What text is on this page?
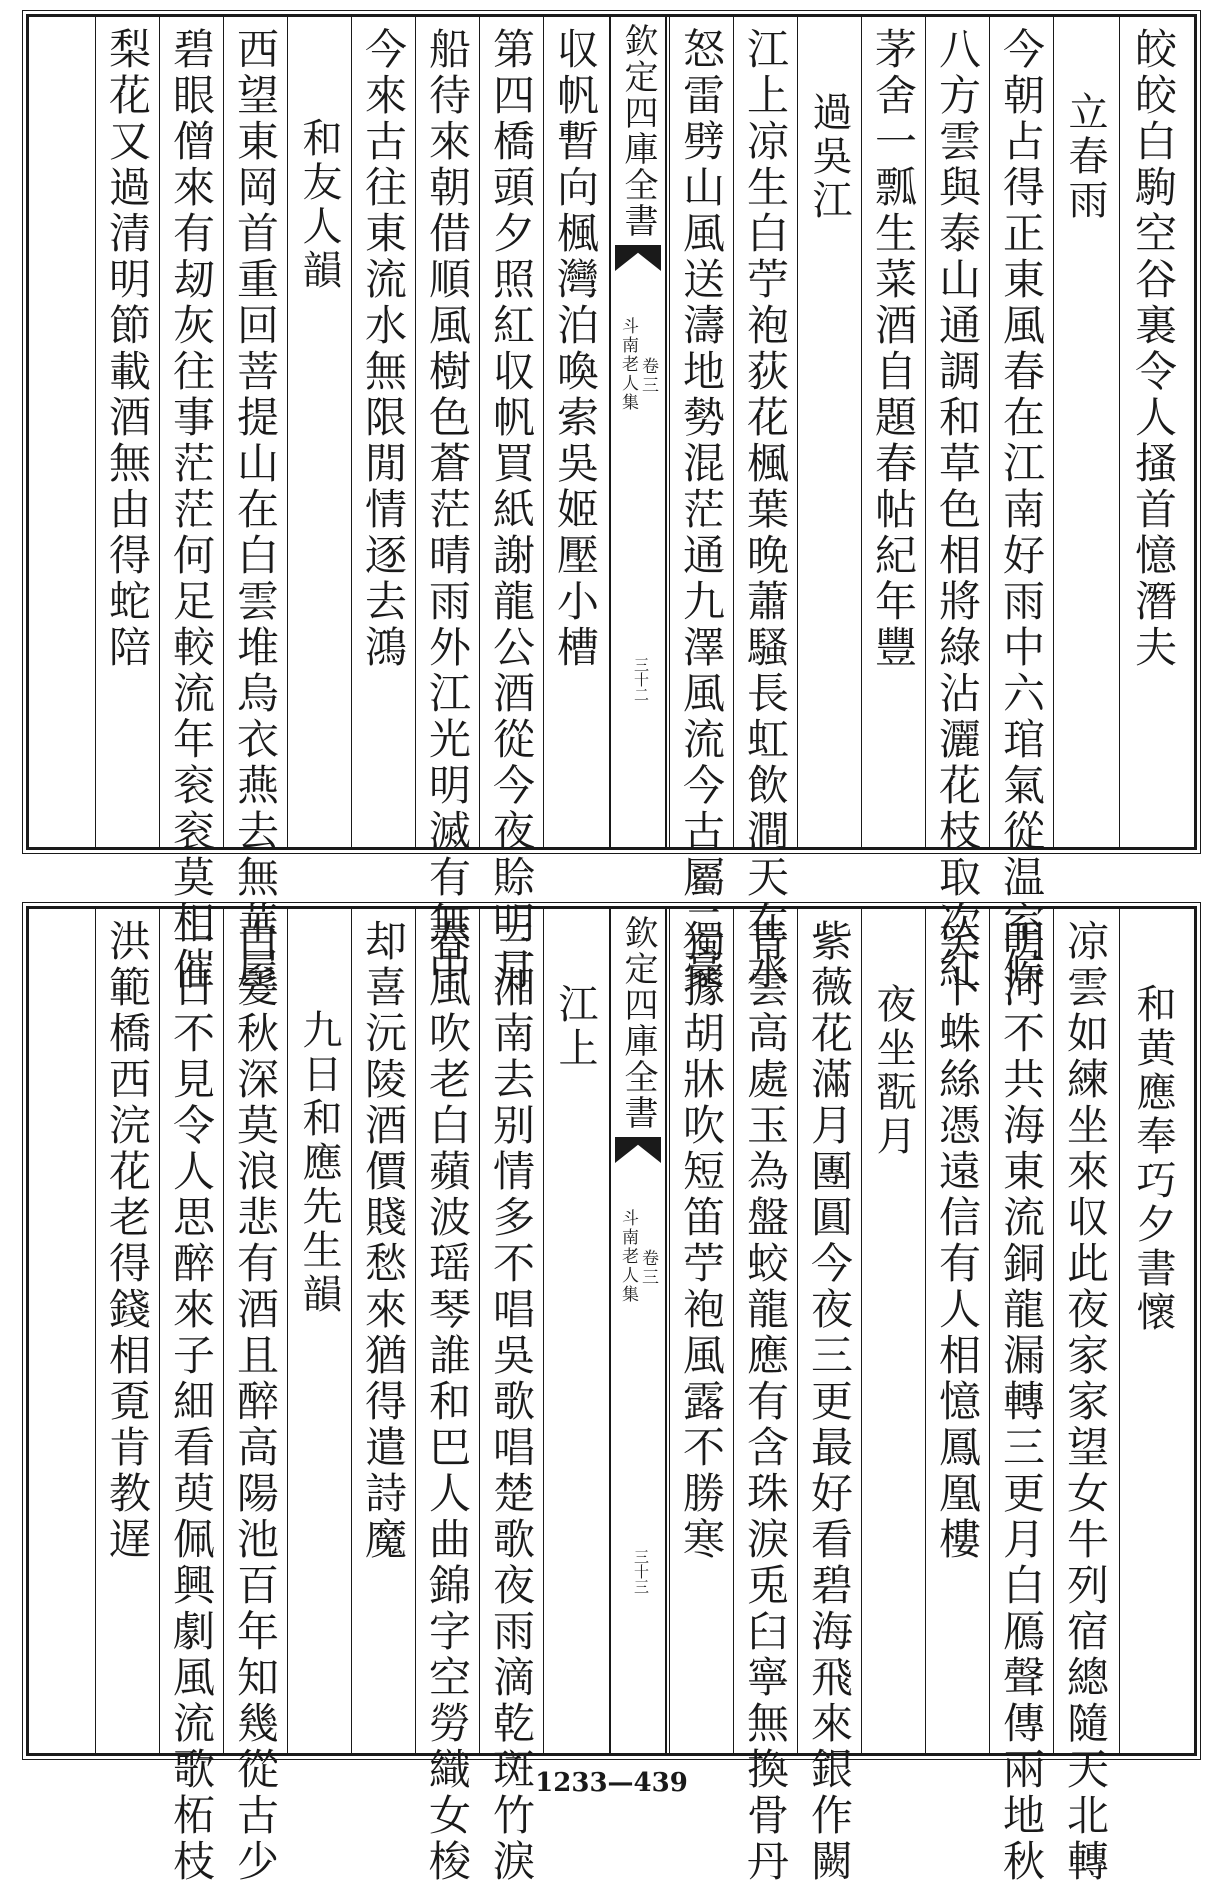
皎皎白駒空谷裏令人搔首憶潛夫
立春雨
今朝占得正東風春在江南好雨中六琯氣從温室候
八方雲與泰山通調和草色相將綠沾灑花枝取次紅
茅舍一瓢生菜酒自題春帖紀年豐
過吳江
江上凉生白苧袍荻花楓葉晚蕭騷長虹飲澗天在水
怒雷劈山風送濤地勢混茫通九澤風流今古屬二豪
欽定四庫全書
斗南老人集 卷三
三十二
収帆暫向楓灣泊喚索吳姬壓小槽
第四橋頭夕照紅収帆買紙謝龍公酒從今夜賒明月
船待來朝借順風樹色蒼茫晴雨外江光明滅有無中
今來古往東流水無限閒情逐去鴻
和友人韻
西望東岡首重回菩提山在白雲堆烏衣燕去無華屋
碧眼僧來有刼灰往事茫茫何足較流年衮衮莫相催
梨花又過清明節載酒無由得蛇陪
和黄應奉巧夕書懷
凉雲如練坐來収此夜家家望女牛列宿總隨天北轉
明河不共海東流銅龍漏轉三更月白鴈聲傳兩地秋
笑卜蛛絲憑遠信有人相憶鳳凰樓
夜坐翫月
紫薇花滿月團圓今夜三更最好看碧海飛來銀作闕
青雲高處玉為盤蛟龍應有含珠淚兎臼寧無換骨丹
獨據胡牀吹短笛苧袍風露不勝寒
欽定四庫全書
斗南老人集 卷三
三十三
江上
三湘南去别情多不唱吳歌唱楚歌夜雨滴乾斑竹淚
春風吹老白蘋波瑶琴誰和巴人曲錦字空勞織女梭
却喜沅陵酒價賤愁來猶得遣詩魔
九日和應先生韻
白髮秋深莫浪悲有酒且醉高陽池百年知幾從古少
一日不見令人思醉來子細看萸佩興劇風流歌柘枝
洪範橋西浣花老得錢相覔肯教遅
1233—439
